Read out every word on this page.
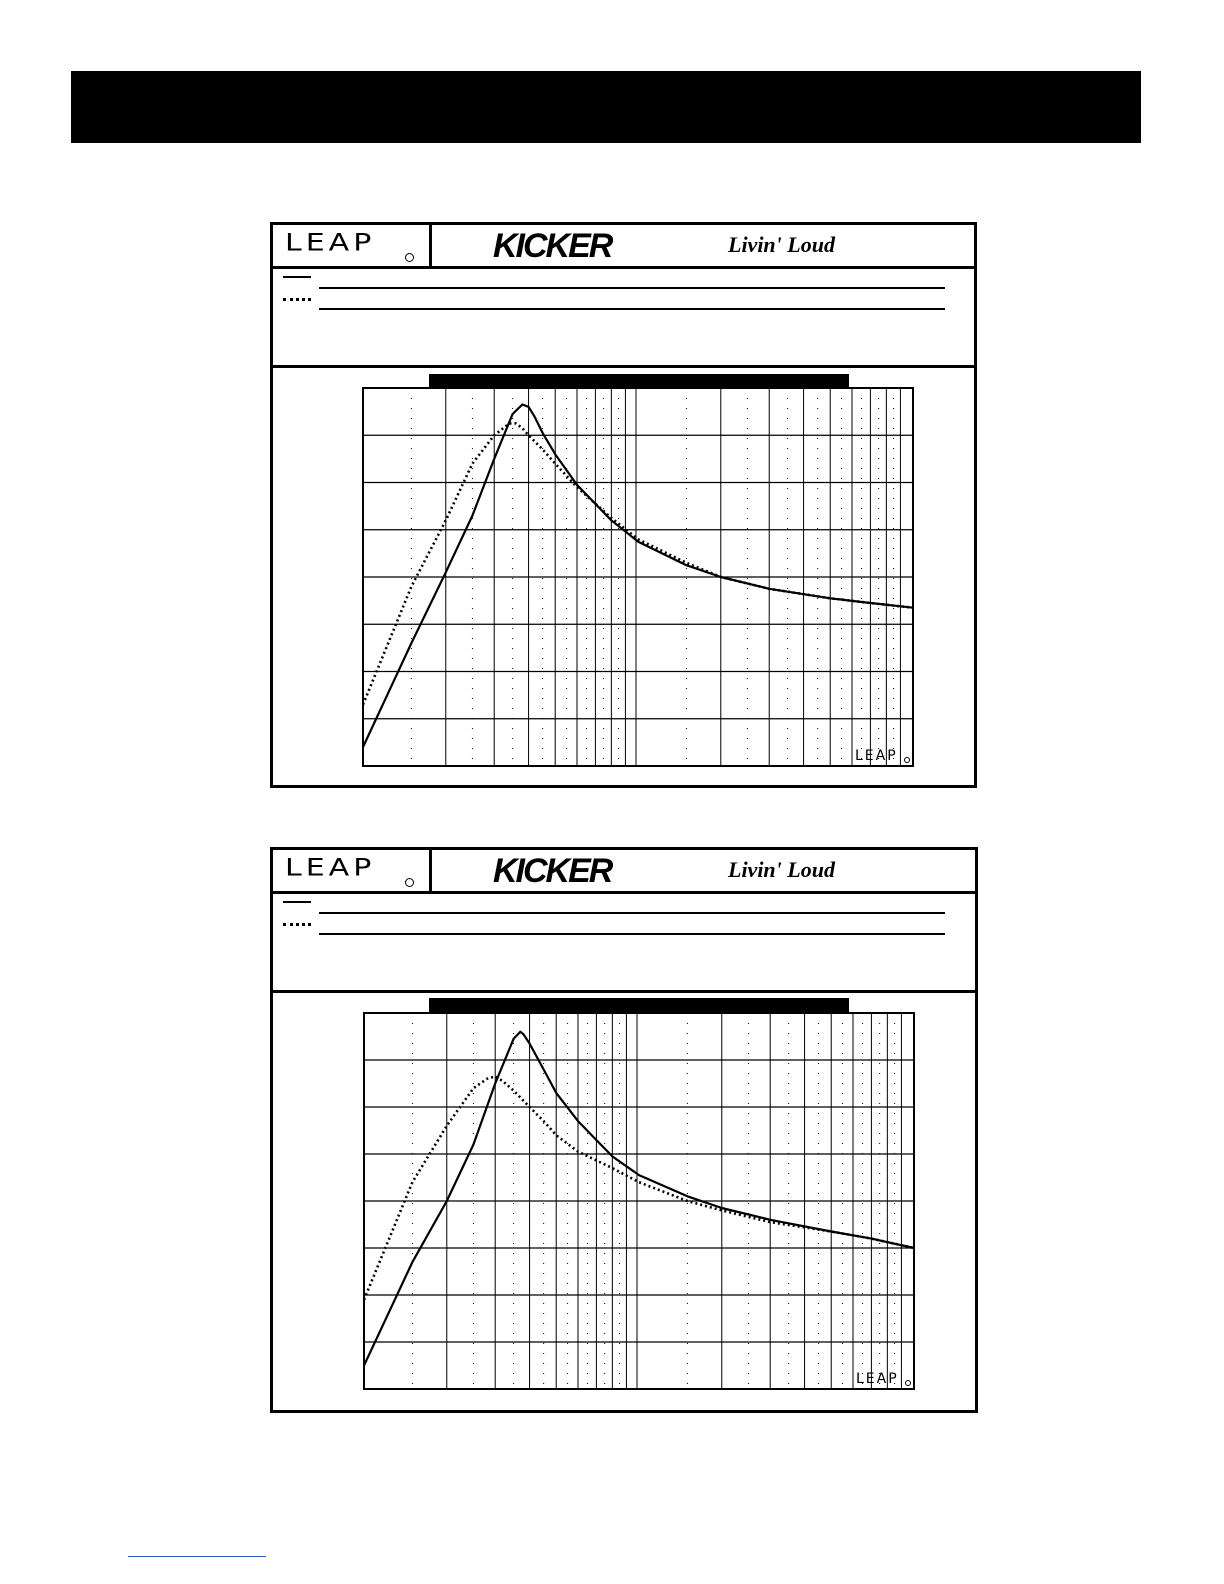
LEAP	KICKER	Livin' Loud
LEAP
LEAP	KICKER	Livin' Loud
LEAP
